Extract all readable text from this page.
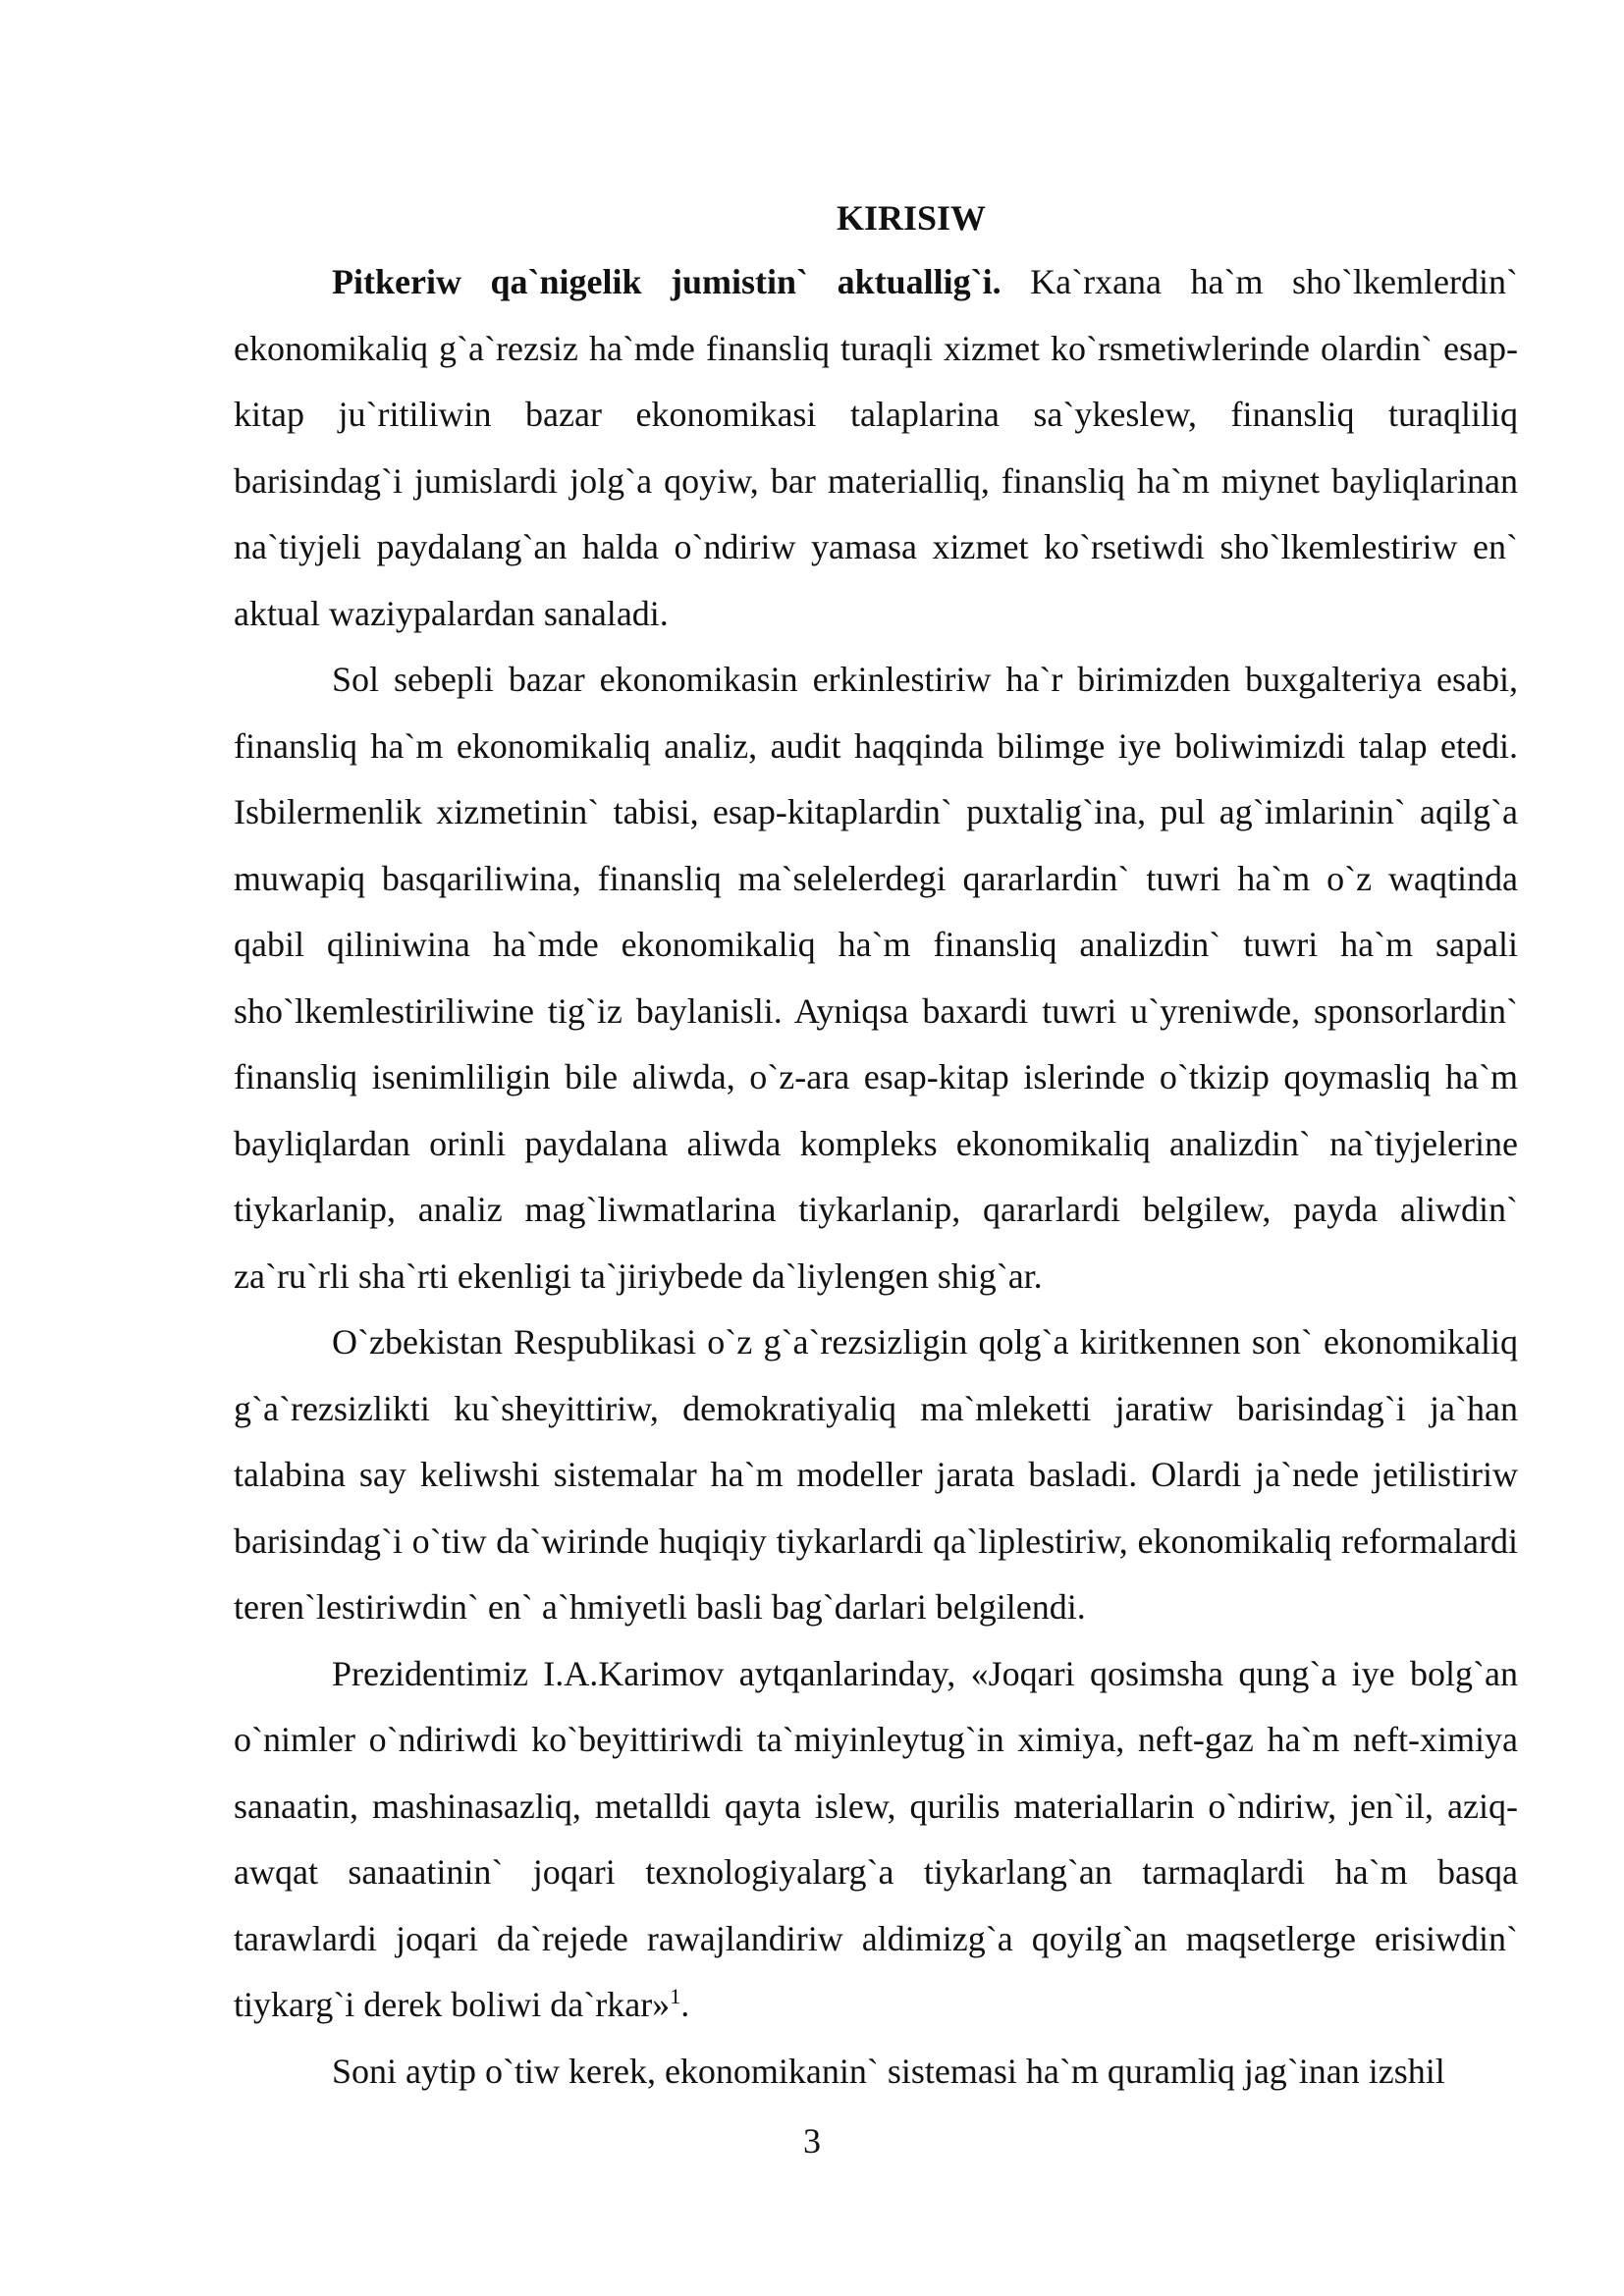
KIRISIW

Pitkeriw qa`nigelik jumistin` aktuallig`i. Ka`rxana ha`m sho`lkemlerdin` ekonomikaliq g`a`rezsiz ha`mde finansliq turaqli xizmet ko`rsmetiwlerinde olardin` esap-kitap ju`ritiliwin bazar ekonomikasi talaplarina sa`ykeslew, finansliq turaqliliq barisindag`i jumislardi jolg`a qoyiw, bar materialliq, finansliq ha`m miynet bayliqlarinan na`tiyjeli paydalang`an halda o`ndiriw yamasa xizmet ko`rsetiwdi sho`lkemlestiriw en` aktual waziypalardan sanaladi.

Sol sebepli bazar ekonomikasin erkinlestiriw ha`r birimizden buxgalteriya esabi, finansliq ha`m ekonomikaliq analiz, audit haqqinda bilimge iye boliwimizdi talap etedi. Isbilermenlik xizmetinin` tabisi, esap-kitaplardin` puxtalig`ina, pul ag`imlarinin` aqilg`a muwapiq basqariliwina, finansliq ma`selelerdegi qararlardin` tuwri ha`m o`z waqtinda qabil qiliniwina ha`mde ekonomikaliq ha`m finansliq analizdin` tuwri ha`m sapali sho`lkemlestiriliwine tig`iz baylanisli. Ayniqsa baxardi tuwri u`yreniwde, sponsorlardin` finansliq isenimliligin bile aliwda, o`z-ara esap-kitap islerinde o`tkizip qoymasliq ha`m bayliqlardan orinli paydalana aliwda kompleks ekonomikaliq analizdin` na`tiyjelerine tiykarlanip, analiz mag`liwmatlarina tiykarlanip, qararlardi belgilew, payda aliwdin` za`ru`rli sha`rti ekenligi ta`jiriybede da`liylengen shig`ar.

O`zbekistan Respublikasi o`z g`a`rezsizligin qolg`a kiritkennen son` ekonomikaliq g`a`rezsizlikti ku`sheyittiriw, demokratiyaliq ma`mleketti jaratiw barisindag`i ja`han talabina say keliwshi sistemalar ha`m modeller jarata basladi. Olardi ja`nede jetilistiriw barisindag`i o`tiw da`wirinde huqiqiy tiykarlardi qa`liplestiriw, ekonomikaliq reformalardi teren`lestiriwdin` en` a`hmiyetli basli bag`darlari belgilendi.

Prezidentimiz I.A.Karimov aytqanlarinday, «Joqari qosimsha qung`a iye bolg`an o`nimler o`ndiriwdi ko`beyittiriwdi ta`miyinleytug`in ximiya, neft-gaz ha`m neft-ximiya sanaatin, mashinasazliq, metalldi qayta islew, qurilis materiallarin o`ndiriw, jen`il, aziq-awqat sanaatinin` joqari texnologiyalarg`a tiykarlang`an tarmaqlardi ha`m basqa tarawlardi joqari da`rejede rawajlandiriw aldimizg`a qoyilg`an maqsetlerge erisiwdin` tiykarg`i derek boliwi da`rkar»$^1$.

Soni aytip o`tiw kerek, ekonomikanin` sistemasi ha`m quramliq jag`inan izshil

3
